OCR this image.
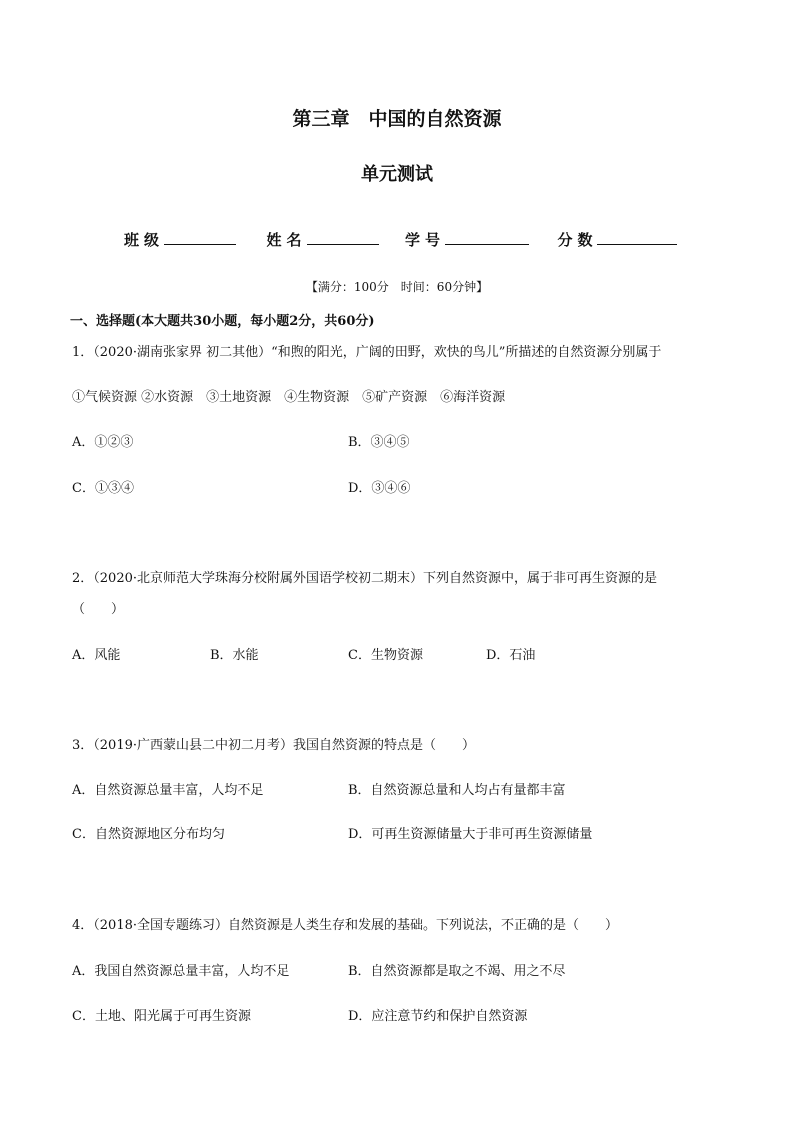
第三章　中国的自然资源
单元测试
班级	姓名	学号	分数
【满分：100分　时间：60分钟】
一、选择题(本大题共30小题，每小题2分，共60分)
1．（2020·湖南张家界 初二其他）“和煦的阳光，广阔的田野，欢快的鸟儿”所描述的自然资源分别属于
①气候资源 ②水资源　③土地资源　④生物资源　⑤矿产资源　⑥海洋资源
A．①②③	B．③④⑤
C．①③④	D．③④⑥
2．（2020·北京师范大学珠海分校附属外国语学校初二期末）下列自然资源中，属于非可再生资源的是
（　　）
A．风能	B．水能	C．生物资源	D．石油
3．（2019·广西蒙山县二中初二月考）我国自然资源的特点是（　　）
A．自然资源总量丰富，人均不足	B．自然资源总量和人均占有量都丰富
C．自然资源地区分布均匀	D．可再生资源储量大于非可再生资源储量
4．（2018·全国专题练习）自然资源是人类生存和发展的基础。下列说法，不正确的是（　　）
A．我国自然资源总量丰富，人均不足	B．自然资源都是取之不竭、用之不尽
C．土地、阳光属于可再生资源	D．应注意节约和保护自然资源
